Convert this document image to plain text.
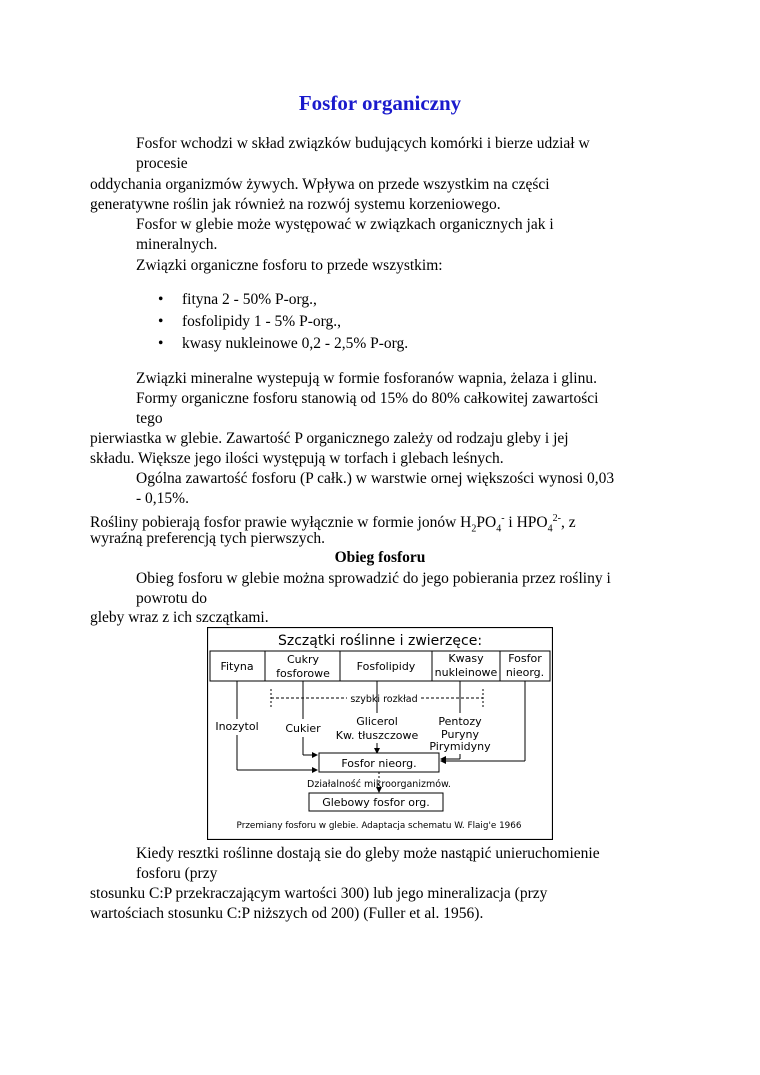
Fosfor organiczny
Fosfor wchodzi w skład związków budujących komórki i bierze udział w
procesie
oddychania organizmów żywych. Wpływa on przede wszystkim na części
generatywne roślin jak również na rozwój systemu korzeniowego.
Fosfor w glebie może występować w związkach organicznych jak i
mineralnych.
Związki organiczne fosforu to przede wszystkim:
• fityna 2 - 50% P-org.,
• fosfolipidy 1 - 5% P-org.,
• kwasy nukleinowe 0,2 - 2,5% P-org.
Związki mineralne wystepują w formie fosforanów wapnia, żelaza i glinu.
Formy organiczne fosforu stanowią od 15% do 80% całkowitej zawartości
tego
pierwiastka w glebie. Zawartość P organicznego zależy od rodzaju gleby i jej
składu. Większe jego ilości występują w torfach i glebach leśnych.
Ogólna zawartość fosforu (P całk.) w warstwie ornej większości wynosi 0,03
- 0,15%.
Rośliny pobierają fosfor prawie wyłącznie w formie jonów $H_2PO_4^-$ i $HPO_4^{2-}$, z
wyraźną preferencją tych pierwszych.
Obieg fosforu
Obieg fosforu w glebie można sprowadzić do jego pobierania przez rośliny i
powrotu do
gleby wraz z ich szczątkami.
Szczątki roślinne i zwierzęce:
Fityna
Cukry
fosforowe
Fosfolipidy
Kwasy
nukleinowe
Fosfor
nieorg.
szybki rozkład
Inozytol Cukier
Glicerol
Kw. tłuszczowe
Pentozy
Puryny
Pirymidyny
Fosfor nieorg.
Działalność mikroorganizmów.
Glebowy fosfor org.
Przemiany fosforu w glebie. Adaptacja schematu W. Flaig'e 1966
Kiedy resztki roślinne dostają sie do gleby może nastąpić unieruchomienie
fosforu (przy
stosunku C:P przekraczającym wartości 300) lub jego mineralizacja (przy
wartościach stosunku C:P niższych od 200) (Fuller et al. 1956).
